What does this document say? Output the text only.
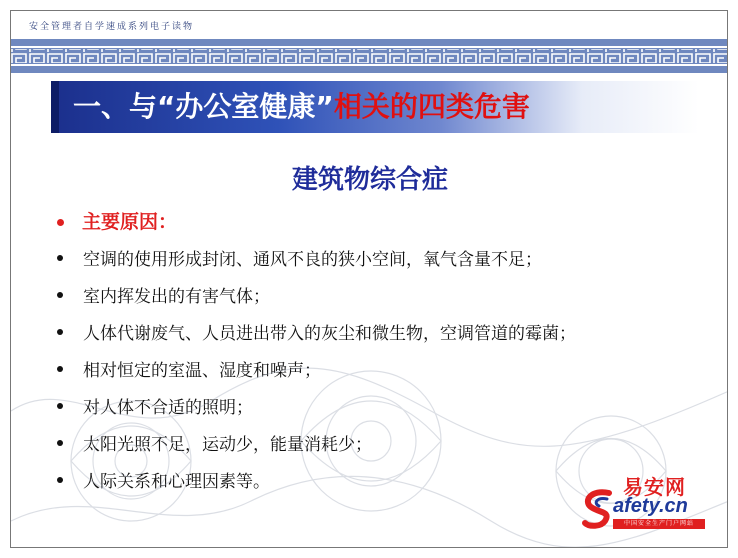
安全管理者自学速成系列电子读物
一、与“办公室健康”相关的四类危害
建筑物综合症
主要原因：
空调的使用形成封闭、通风不良的狭小空间，氧气含量不足；
室内挥发出的有害气体；
人体代谢废气、人员进出带入的灰尘和微生物，空调管道的霉菌；
相对恒定的室温、湿度和噪声；
对人体不合适的照明；
太阳光照不足，运动少，能量消耗少；
人际关系和心理因素等。	易安网
afety.cn
中国安全生产门户网站
